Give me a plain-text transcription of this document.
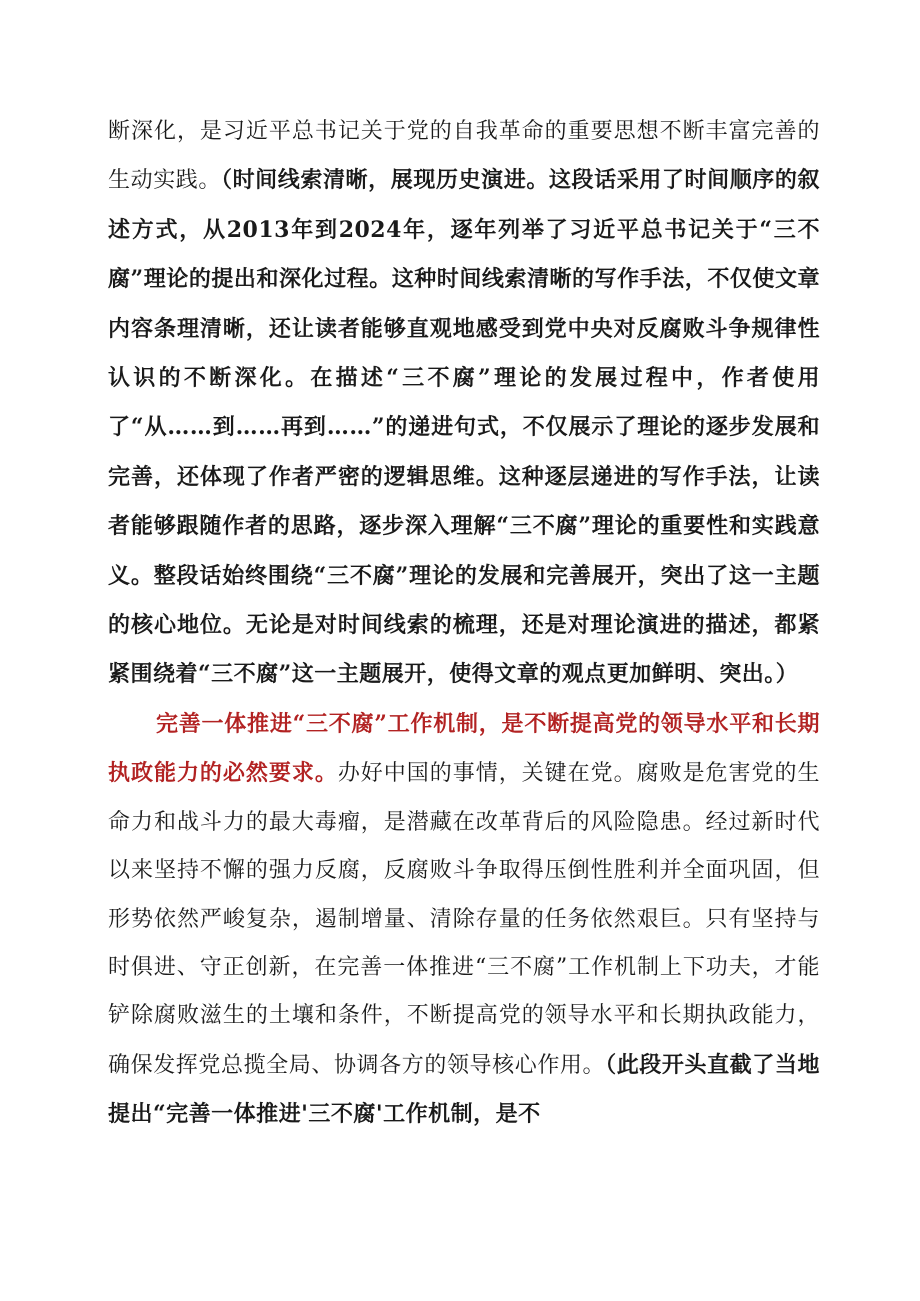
断深化，是习近平总书记关于党的自我革命的重要思想不断丰富完善的生动实践。（时间线索清晰，展现历史演进。这段话采用了时间顺序的叙述方式，从2013年到2024年，逐年列举了习近平总书记关于“三不腐”理论的提出和深化过程。这种时间线索清晰的写作手法，不仅使文章内容条理清晰，还让读者能够直观地感受到党中央对反腐败斗争规律性认识的不断深化。在描述“三不腐”理论的发展过程中，作者使用了“从……到……再到……”的递进句式，不仅展示了理论的逐步发展和完善，还体现了作者严密的逻辑思维。这种逐层递进的写作手法，让读者能够跟随作者的思路，逐步深入理解“三不腐”理论的重要性和实践意义。整段话始终围绕“三不腐”理论的发展和完善展开，突出了这一主题的核心地位。无论是对时间线索的梳理，还是对理论演进的描述，都紧紧围绕着“三不腐”这一主题展开，使得文章的观点更加鲜明、突出。）

完善一体推进“三不腐”工作机制，是不断提高党的领导水平和长期执政能力的必然要求。办好中国的事情，关键在党。腐败是危害党的生命力和战斗力的最大毒瘤，是潜藏在改革背后的风险隐患。经过新时代以来坚持不懈的强力反腐，反腐败斗争取得压倒性胜利并全面巩固，但形势依然严峻复杂，遏制增量、清除存量的任务依然艰巨。只有坚持与时俱进、守正创新，在完善一体推进“三不腐”工作机制上下功夫，才能铲除腐败滋生的土壤和条件，不断提高党的领导水平和长期执政能力，确保发挥党总揽全局、协调各方的领导核心作用。（此段开头直截了当地提出“完善一体推进'三不腐'工作机制，是不
